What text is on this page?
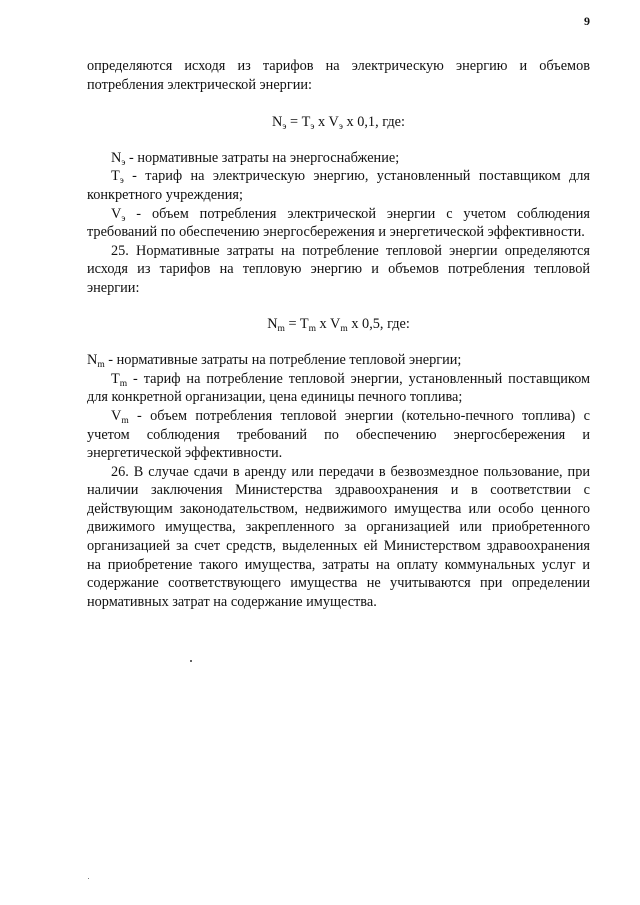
9

определяются исходя из тарифов на электрическую энергию и объемов потребления электрической энергии:

$N_э = T_э$ x $V_э$ x 0,1, где:

$N_э$ - нормативные затраты на энергоснабжение;

$T_э$ - тариф на электрическую энергию, установленный поставщиком для конкретного учреждения;

$V_э$ - объем потребления электрической энергии с учетом соблюдения требований по обеспечению энергосбережения и энергетической эффективности.

25. Нормативные затраты на потребление тепловой энергии определяются исходя из тарифов на тепловую энергию и объемов потребления тепловой энергии:

$N_m = T_m$ x $V_m$ x 0,5, где:

$N_m$ - нормативные затраты на потребление тепловой энергии;

$T_m$ - тариф на потребление тепловой энергии, установленный поставщиком для конкретной организации, цена единицы печного топлива;

$V_m$ - объем потребления тепловой энергии (котельно-печного топлива) с учетом соблюдения требований по обеспечению энергосбережения и энергетической эффективности.

26. В случае сдачи в аренду или передачи в безвозмездное пользование, при наличии заключения Министерства здравоохранения и в соответствии с действующим законодательством, недвижимого имущества или особо ценного движимого имущества, закрепленного за организацией или приобретенного организацией за счет средств, выделенных ей Министерством здравоохранения на приобретение такого имущества, затраты на оплату коммунальных услуг и содержание соответствующего имущества не учитываются при определении нормативных затрат на содержание имущества.
